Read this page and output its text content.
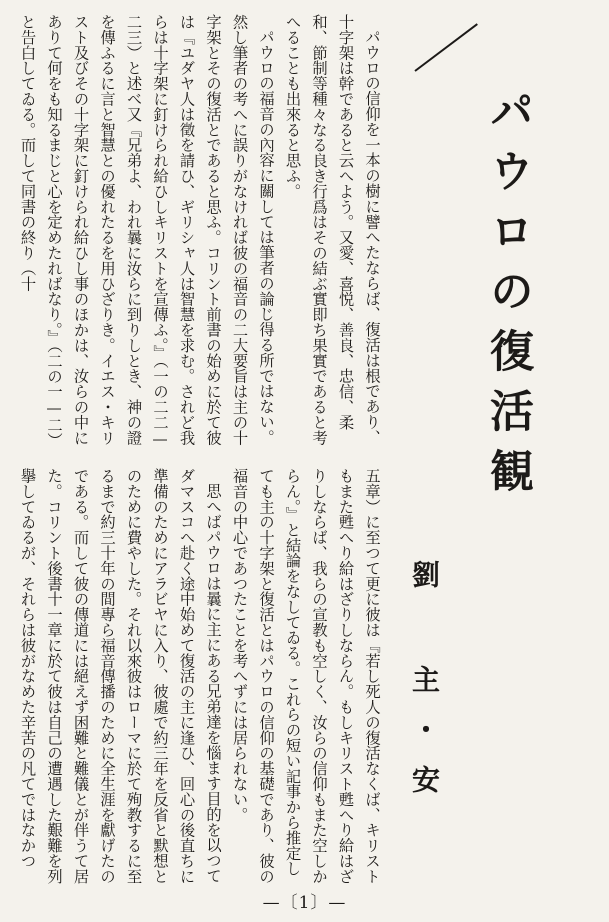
パウロの信仰を一本の樹に譬へたならば、復活は根であり、十字架は幹であると云へよう。又愛、喜悦、善良、忠信、柔和、節制等種々なる良き行爲はその結ぶ實即ち果實であると考へることも出來ると思ふ。

パウロの福音の內容に關しては筆者の論じ得る所ではない。然し筆者の考へに誤りがなければ彼の福音の二大要旨は主の十字架とその復活とであると思ふ。コリント前書の始めに於て彼は『ユダヤ人は徵を請ひ、ギリシャ人は智慧を求む。されど我らは十字架に釘けられ給ひしキリストを宣傳ふ。』（一の二二—二三）と述べ又『兄弟よ、われ曩に汝らに到りしとき、神の證を傳ふるに言と智慧との優れたるを用ひざりき。イエス・キリスト及びその十字架に釘けられ給ひし事のほかは、汝らの中にありて何をも知るまじと心を定めたればなり。』（二の一—二）と告白してゐる。而して同書の終り（十	パウロの復活観

五章）に至つて更に彼は『若し死人の復活なくば、キリストもまた甦へり給はざりしならん。もしキリスト甦へり給はざりしならば、我らの宣教も空しく、汝らの信仰もまた空しからん。』と結論をなしてゐる。これらの短い記事から推定しても主の十字架と復活とはパウロの信仰の基礎であり、彼の福音の中心であつたことを考へずには居られない。

思へばパウロは曩に主にある兄弟達を惱ます目的を以つてダマスコへ赴く途中始めて復活の主に逢ひ、回心の後直ちに準備のためにアラビヤに入り、彼處で約三年を反省と默想とのために費やした。それ以來彼はローマに於て殉教するに至るまで約三十年の間專ら福音傳播のために全生涯を獻げたのである。而して彼の傳道には絕えず困難と難儀とが伴うて居た。コリント後書十一章に於て彼は自己の遭遇した艱難を列擧してゐるが、それらは彼がなめた辛苦の凡てではなかつ	劉 主・安
—〔1〕—
